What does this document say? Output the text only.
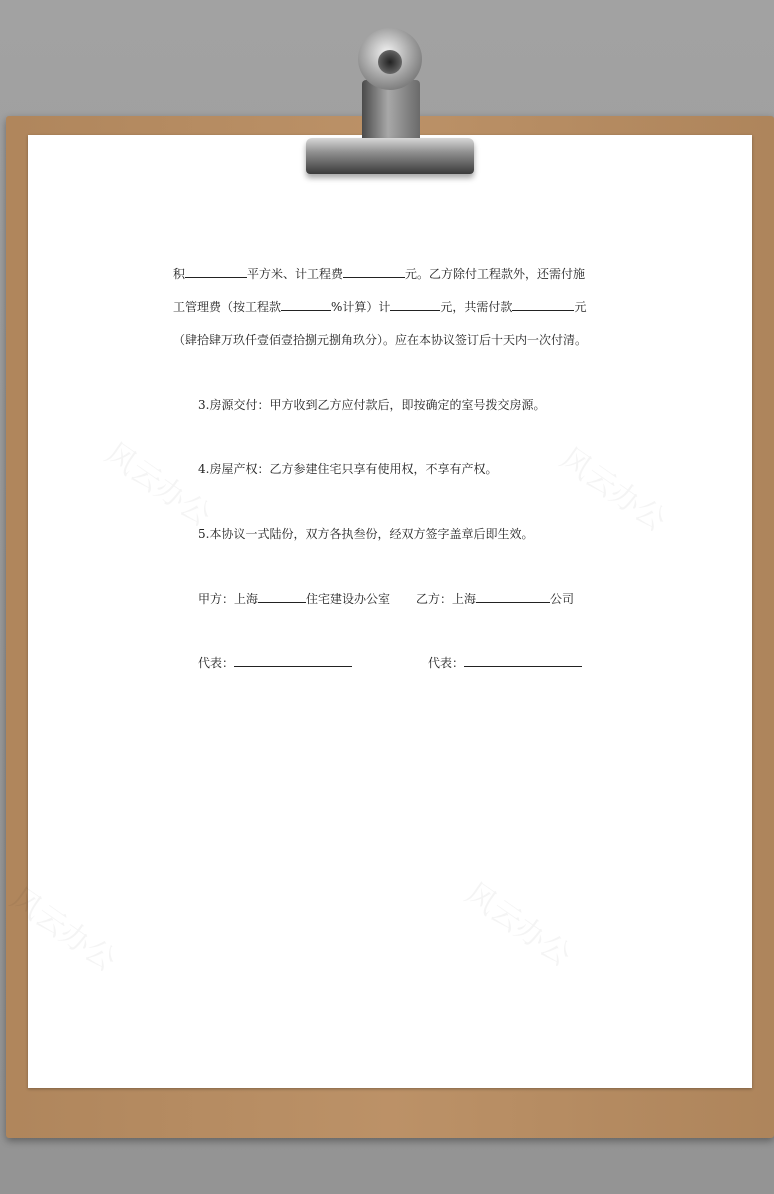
积	平方米、计工程费	元。乙方除付工程款外，还需付施
工管理费（按工程款	%计算）计	元，共需付款	元
（肆拾肆万玖仟壹佰壹拾捌元捌角玖分）。应在本协议签订后十天内一次付清。
3.房源交付：甲方收到乙方应付款后，即按确定的室号拨交房源。
4.房屋产权：乙方参建住宅只享有使用权，不享有产权。
5.本协议一式陆份，双方各执叁份，经双方签字盖章后即生效。
甲方：上海	住宅建设办公室 乙方：上海	公司
代表：	代表：
